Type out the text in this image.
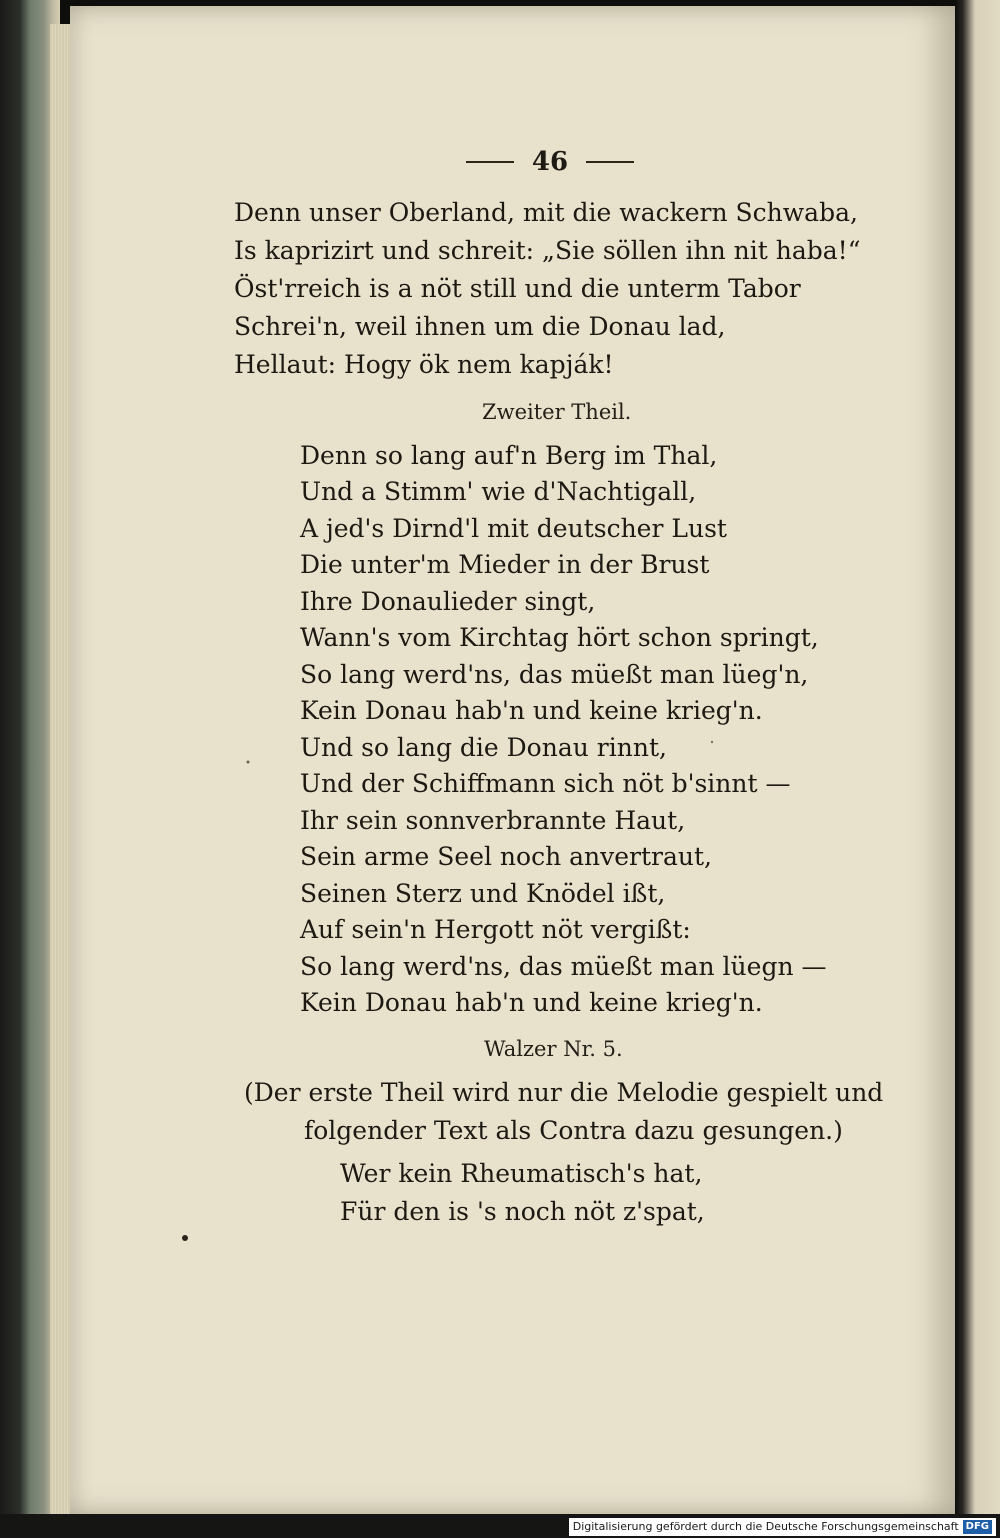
46
Denn unser Oberland, mit die wackern Schwaba,
Is kaprizirt und schreit: „Sie söllen ihn nit haba!“
Öst'rreich is a nöt still und die unterm Tabor
Schrei'n, weil ihnen um die Donau lad,
Hellaut: Hogy ök nem kapják!
Zweiter Theil.
Denn so lang auf'n Berg im Thal,
Und a Stimm' wie d'Nachtigall,
A jed's Dirnd'l mit deutscher Lust
Die unter'm Mieder in der Brust
Ihre Donaulieder singt,
Wann's vom Kirchtag hört schon springt,
So lang werd'ns, das müeßt man lüeg'n,
Kein Donau hab'n und keine krieg'n.
Und so lang die Donau rinnt,
Und der Schiffmann sich nöt b'sinnt —
Ihr sein sonnverbrannte Haut,
Sein arme Seel noch anvertraut,
Seinen Sterz und Knödel ißt,
Auf sein'n Hergott nöt vergißt:
So lang werd'ns, das müeßt man lüegn —
Kein Donau hab'n und keine krieg'n.
Walzer Nr. 5.
(Der erste Theil wird nur die Melodie gespielt und
folgender Text als Contra dazu gesungen.)
Wer kein Rheumatisch's hat,
Für den is 's noch nöt z'spat,
Digitalisierung gefördert durch die Deutsche Forschungsgemeinschaft DFG
